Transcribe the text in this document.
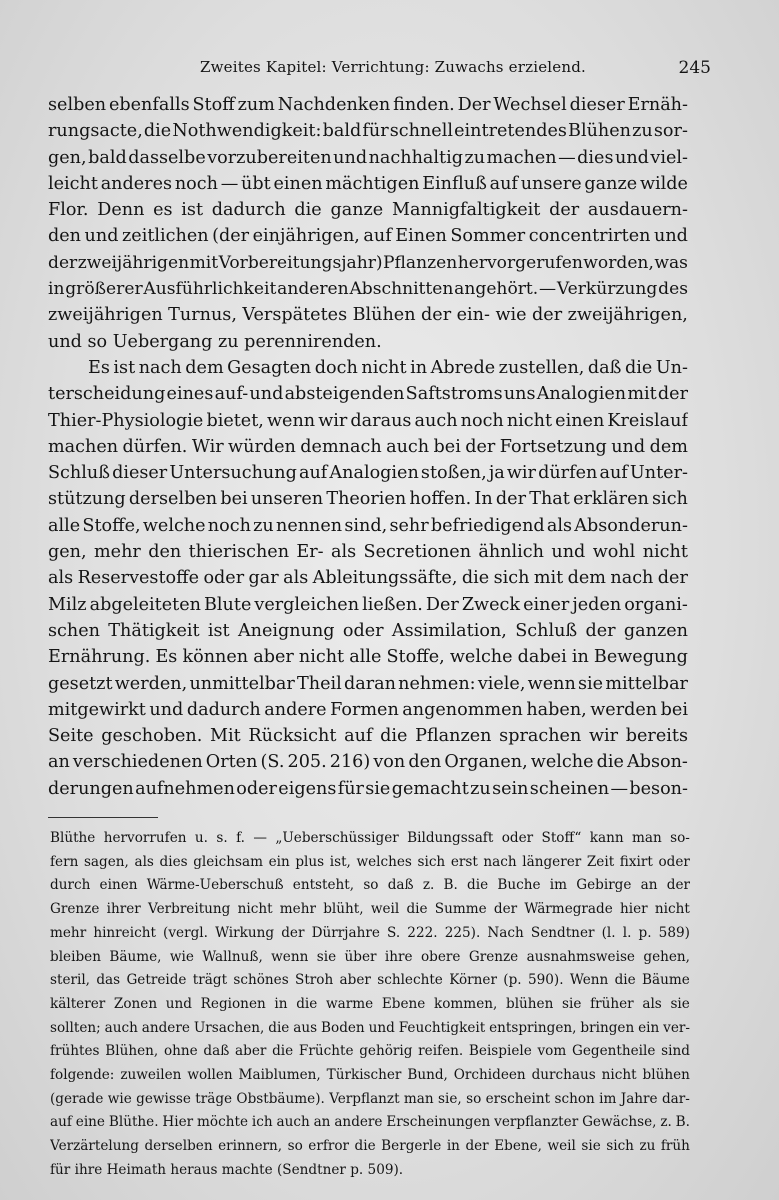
Zweites Kapitel: Verrichtung: Zuwachs erzielend.	245
selben ebenfalls Stoff zum Nachdenken finden. Der Wechsel dieser Ernäh-
rungsacte, die Nothwendigkeit: bald für schnell eintretendes Blühen zu sor-
gen, bald dasselbe vorzubereiten und nachhaltig zu machen — dies und viel-
leicht anderes noch — übt einen mächtigen Einfluß auf unsere ganze wilde
Flor. Denn es ist dadurch die ganze Mannigfaltigkeit der ausdauern-
den und zeitlichen (der einjährigen, auf Einen Sommer concentrirten und
der zweijährigen mit Vorbereitungsjahr) Pflanzen hervorgerufen worden, was
in größerer Ausführlichkeit anderen Abschnitten angehört. — Verkürzung des
zweijährigen Turnus, Verspätetes Blühen der ein- wie der zweijährigen,
und so Uebergang zu perennirenden.
Es ist nach dem Gesagten doch nicht in Abrede zustellen, daß die Un-
terscheidung eines auf- und absteigenden Saftstroms uns Analogien mit der
Thier-Physiologie bietet, wenn wir daraus auch noch nicht einen Kreislauf
machen dürfen. Wir würden demnach auch bei der Fortsetzung und dem
Schluß dieser Untersuchung auf Analogien stoßen, ja wir dürfen auf Unter-
stützung derselben bei unseren Theorien hoffen. In der That erklären sich
alle Stoffe, welche noch zu nennen sind, sehr befriedigend als Absonderun-
gen, mehr den thierischen Er- als Secretionen ähnlich und wohl nicht
als Reservestoffe oder gar als Ableitungssäfte, die sich mit dem nach der
Milz abgeleiteten Blute vergleichen ließen. Der Zweck einer jeden organi-
schen Thätigkeit ist Aneignung oder Assimilation, Schluß der ganzen
Ernährung. Es können aber nicht alle Stoffe, welche dabei in Bewegung
gesetzt werden, unmittelbar Theil daran nehmen: viele, wenn sie mittelbar
mitgewirkt und dadurch andere Formen angenommen haben, werden bei
Seite geschoben. Mit Rücksicht auf die Pflanzen sprachen wir bereits
an verschiedenen Orten (S. 205. 216) von den Organen, welche die Abson-
derungen aufnehmen oder eigens für sie gemacht zu sein scheinen — beson-
Blüthe hervorrufen u. s. f. — „Ueberschüssiger Bildungssaft oder Stoff“ kann man so-
fern sagen, als dies gleichsam ein plus ist, welches sich erst nach längerer Zeit fixirt oder
durch einen Wärme-Ueberschuß entsteht, so daß z. B. die Buche im Gebirge an der
Grenze ihrer Verbreitung nicht mehr blüht, weil die Summe der Wärmegrade hier nicht
mehr hinreicht (vergl. Wirkung der Dürrjahre S. 222. 225). Nach Sendtner (l. l. p. 589)
bleiben Bäume, wie Wallnuß, wenn sie über ihre obere Grenze ausnahmsweise gehen,
steril, das Getreide trägt schönes Stroh aber schlechte Körner (p. 590). Wenn die Bäume
kälterer Zonen und Regionen in die warme Ebene kommen, blühen sie früher als sie
sollten; auch andere Ursachen, die aus Boden und Feuchtigkeit entspringen, bringen ein ver-
frühtes Blühen, ohne daß aber die Früchte gehörig reifen. Beispiele vom Gegentheile sind
folgende: zuweilen wollen Maiblumen, Türkischer Bund, Orchideen durchaus nicht blühen
(gerade wie gewisse träge Obstbäume). Verpflanzt man sie, so erscheint schon im Jahre dar-
auf eine Blüthe. Hier möchte ich auch an andere Erscheinungen verpflanzter Gewächse, z. B.
Verzärtelung derselben erinnern, so erfror die Bergerle in der Ebene, weil sie sich zu früh
für ihre Heimath heraus machte (Sendtner p. 509).
